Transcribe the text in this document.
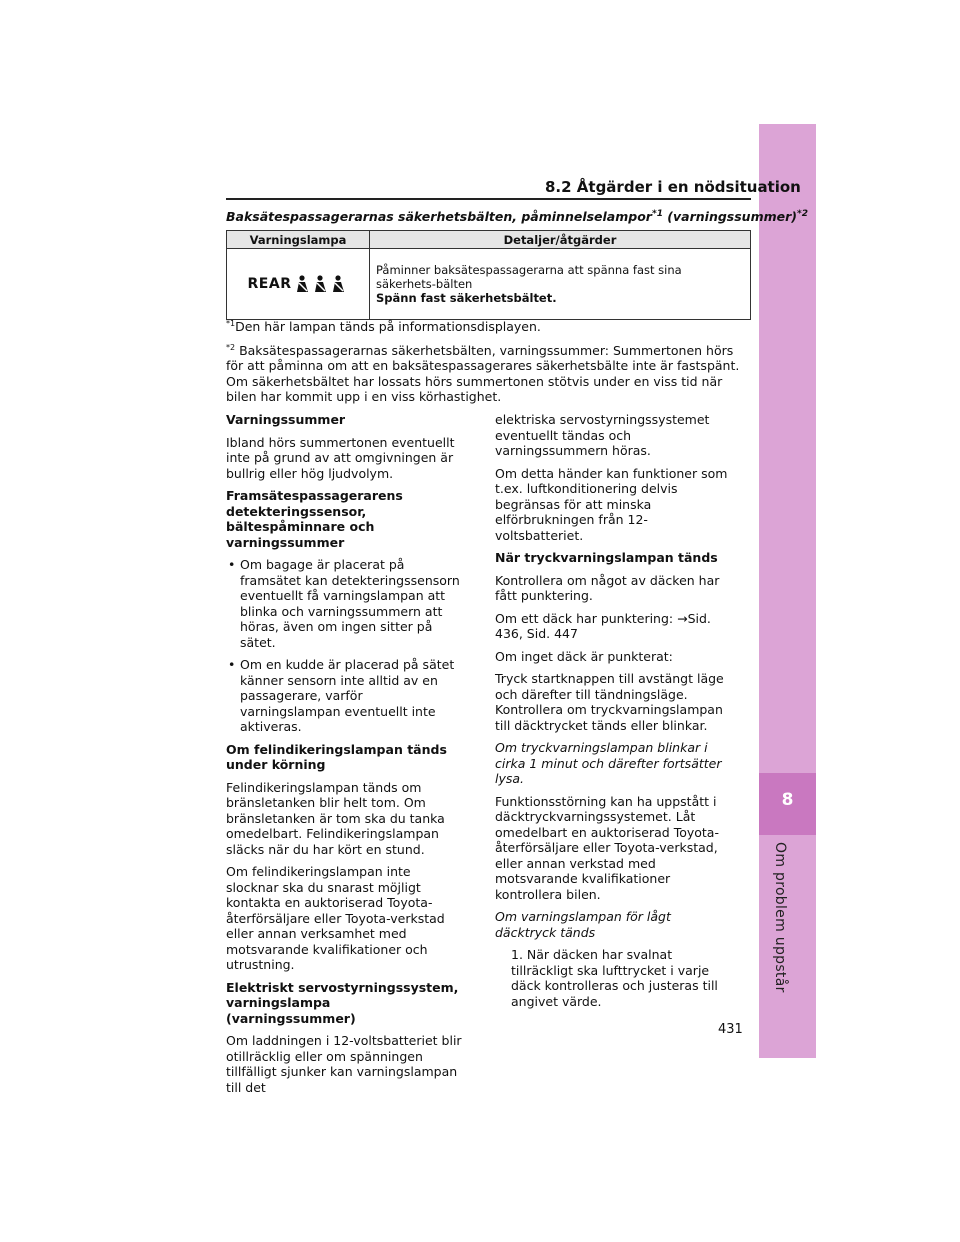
8
Om problem uppstår
8.2 Åtgärder i en nödsituation
Baksätespassagerarnas säkerhetsbälten, påminnelselampor$^{*1}$ (varningssummer)$^{*2}$
Varningslampa	Detaljer/åtgärder

REAR	Påminner baksätespassagerarna att spänna fast sina säkerhets-bälten
Spänn fast säkerhetsbältet.

$^{*1}$Den här lampan tänds på informationsdisplayen.

$^{*2}$ Baksätespassagerarnas säkerhetsbälten, varningssummer: Summertonen hörs för att påminna om att en baksätespassagerares säkerhetsbälte inte är fastspänt. Om säkerhetsbältet har lossats hörs summertonen stötvis under en viss tid när bilen har kommit upp i en viss körhastighet.

Varningssummer

Ibland hörs summertonen eventuellt inte på grund av att omgivningen är bullrig eller hög ljudvolym.

Framsätespassagerarens detekteringssensor, bältespåminnare och varningssummer

• Om bagage är placerat på framsätet kan detekteringssensorn eventuellt få varningslampan att blinka och varningssummern att höras, även om ingen sitter på sätet.

• Om en kudde är placerad på sätet känner sensorn inte alltid av en passagerare, varför varningslampan eventuellt inte aktiveras.

Om felindikeringslampan tänds under körning

Felindikeringslampan tänds om bränsletanken blir helt tom. Om bränsletanken är tom ska du tanka omedelbart. Felindikeringslampan släcks när du har kört en stund.

Om felindikeringslampan inte slocknar ska du snarast möjligt kontakta en auktoriserad Toyota-återförsäljare eller Toyota-verkstad eller annan verksamhet med motsvarande kvalifikationer och utrustning.

Elektriskt servostyrningssystem, varningslampa (varningssummer)

Om laddningen i 12-voltsbatteriet blir otillräcklig eller om spänningen tillfälligt sjunker kan varningslampan till det

elektriska servostyrningssystemet eventuellt tändas och varningssummern höras.

Om detta händer kan funktioner som t.ex. luftkonditionering delvis begränsas för att minska elförbrukningen från 12-voltsbatteriet.

När tryckvarningslampan tänds

Kontrollera om något av däcken har fått punktering.

Om ett däck har punktering: →Sid. 436, Sid. 447

Om inget däck är punkterat:

Tryck startknappen till avstängt läge och därefter till tändningsläge. Kontrollera om tryckvarningslampan till däcktrycket tänds eller blinkar.

Om tryckvarningslampan blinkar i cirka 1 minut och därefter fortsätter lysa.

Funktionsstörning kan ha uppstått i däcktryckvarningssystemet. Låt omedelbart en auktoriserad Toyota-återförsäljare eller Toyota-verkstad, eller annan verkstad med motsvarande kvalifikationer kontrollera bilen.

Om varningslampan för lågt däcktryck tänds

1. När däcken har svalnat tillräckligt ska lufttrycket i varje däck kontrolleras och justeras till angivet värde.

431
